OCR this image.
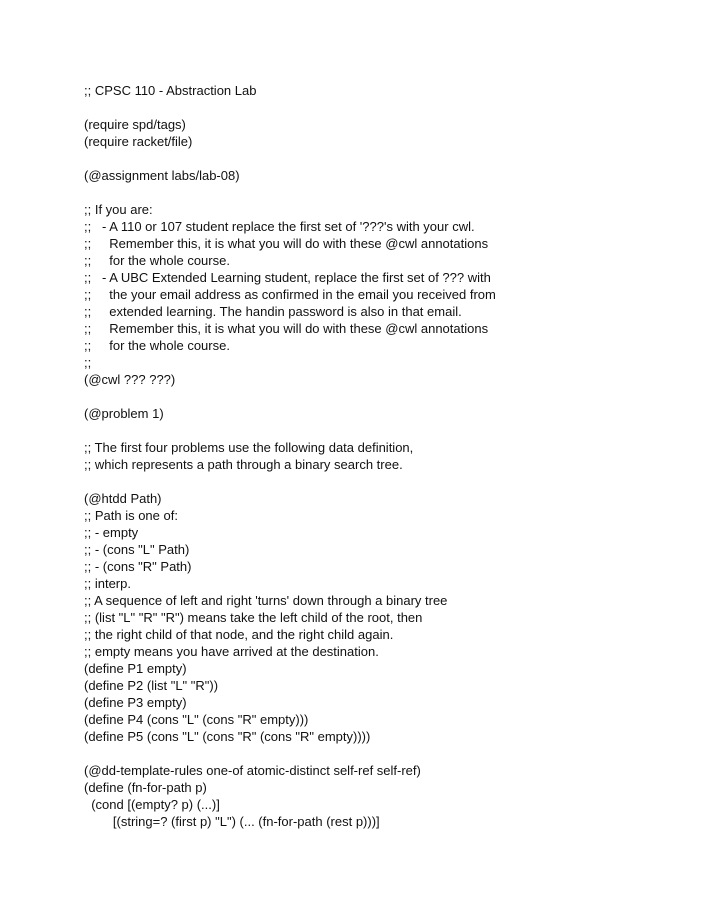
;; CPSC 110 - Abstraction Lab
(require spd/tags)
(require racket/file)
(@assignment labs/lab-08)
;; If you are:
;;   - A 110 or 107 student replace the first set of '???'s with your cwl.
;;     Remember this, it is what you will do with these @cwl annotations
;;     for the whole course.
;;   - A UBC Extended Learning student, replace the first set of ??? with
;;     the your email address as confirmed in the email you received from
;;     extended learning. The handin password is also in that email.
;;     Remember this, it is what you will do with these @cwl annotations
;;     for the whole course.
;;
(@cwl ??? ???)
(@problem 1)
;; The first four problems use the following data definition,
;; which represents a path through a binary search tree.
(@htdd Path)
;; Path is one of:
;; - empty
;; - (cons "L" Path)
;; - (cons "R" Path)
;; interp.
;; A sequence of left and right 'turns' down through a binary tree
;; (list "L" "R" "R") means take the left child of the root, then
;; the right child of that node, and the right child again.
;; empty means you have arrived at the destination.
(define P1 empty)
(define P2 (list "L" "R"))
(define P3 empty)
(define P4 (cons "L" (cons "R" empty)))
(define P5 (cons "L" (cons "R" (cons "R" empty))))
(@dd-template-rules one-of atomic-distinct self-ref self-ref)
(define (fn-for-path p)
(cond [(empty? p) (...)]
[(string=? (first p) "L") (... (fn-for-path (rest p)))]
